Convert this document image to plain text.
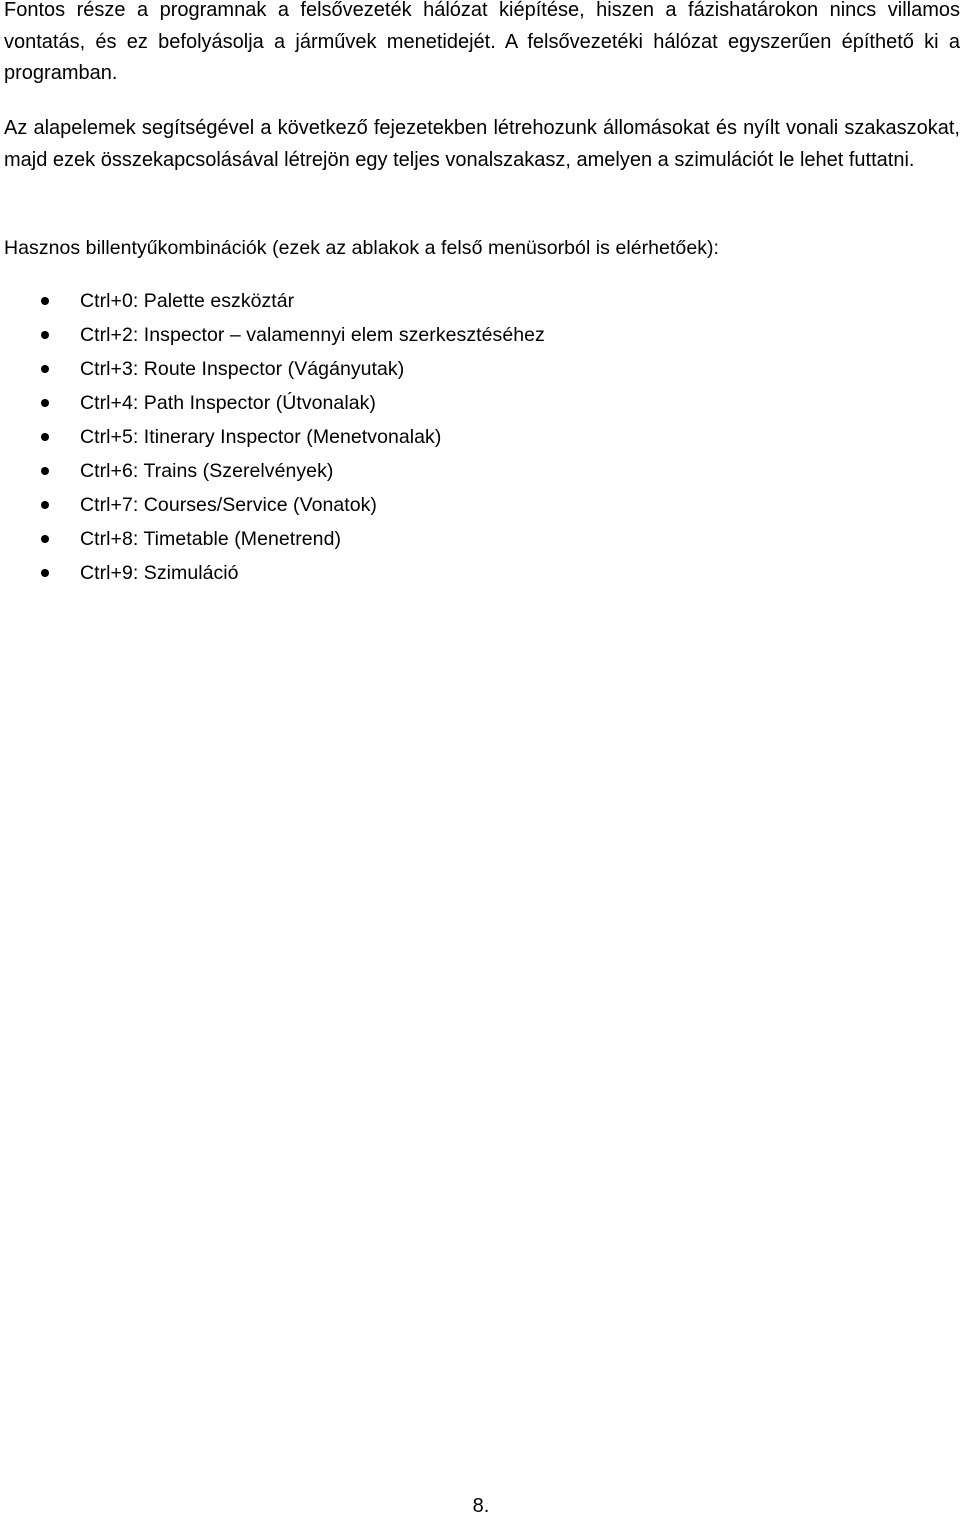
Fontos része a programnak a felsővezeték hálózat kiépítése, hiszen a fázishatárokon nincs villamos vontatás, és ez befolyásolja a járművek menetidejét. A felsővezetéki hálózat egyszerűen építhető ki a programban.

Az alapelemek segítségével a következő fejezetekben létrehozunk állomásokat és nyílt vonali szakaszokat, majd ezek összekapcsolásával létrejön egy teljes vonalszakasz, amelyen a szimulációt le lehet futtatni.

Hasznos billentyűkombinációk (ezek az ablakok a felső menüsorból is elérhetőek):

Ctrl+0: Palette eszköztár
Ctrl+2: Inspector – valamennyi elem szerkesztéséhez
Ctrl+3: Route Inspector (Vágányutak)
Ctrl+4: Path Inspector (Útvonalak)
Ctrl+5: Itinerary Inspector (Menetvonalak)
Ctrl+6: Trains (Szerelvények)
Ctrl+7: Courses/Service (Vonatok)
Ctrl+8: Timetable (Menetrend)
Ctrl+9: Szimuláció
8.
